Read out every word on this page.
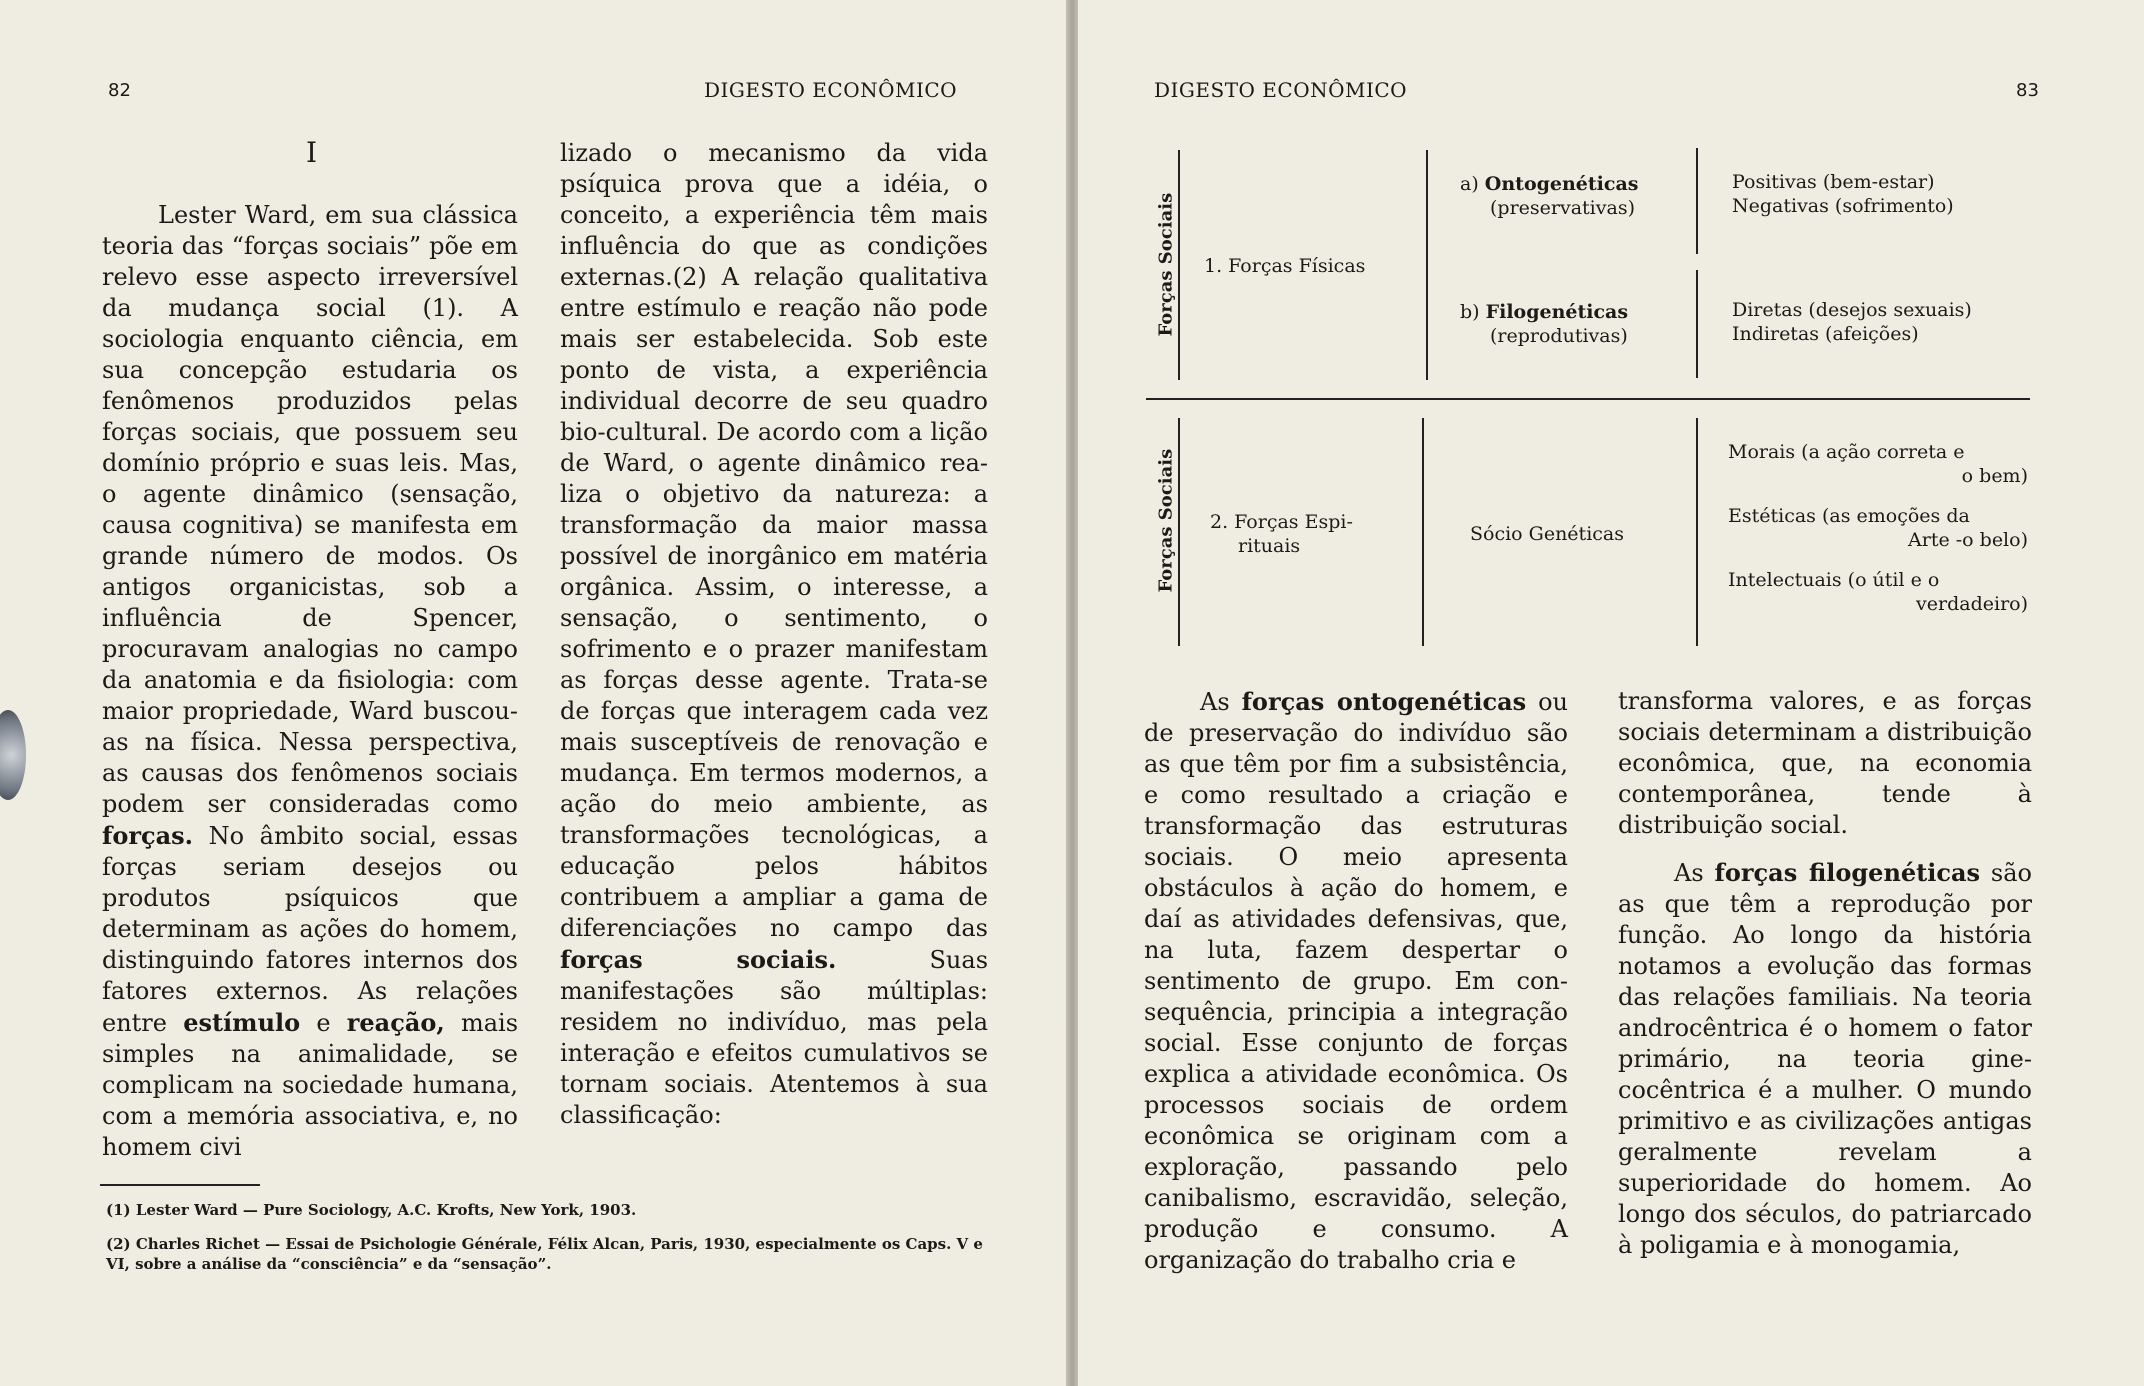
82	DIGESTO ECONÔMICO
I

Lester Ward, em sua clássica teoria das “forças sociais” põe em relevo esse aspecto irreversível da mudança social (1). A sociologia enquanto ciência, em sua concepção estudaria os fenômenos produzidos pelas forças sociais, que possuem seu domínio próprio e suas leis. Mas, o agente dinâmico (sensação, causa cognitiva) se manifesta em grande número de modos. Os antigos organicistas, sob a influência de Spencer, procuravam analogias no campo da anatomia e da fisiologia: com maior propriedade, Ward buscou-as na física. Nessa perspectiva, as causas dos fenômenos sociais podem ser consideradas como forças. No âmbito social, essas forças seriam desejos ou produtos psíquicos que determinam as ações do homem, distinguindo fatores internos dos fatores externos. As relações entre estímulo e reação, mais simples na animalidade, se complicam na sociedade humana, com a memória associativa, e, no homem civi

lizado o mecanismo da vida psíquica prova que a idéia, o conceito, a experiência têm mais influência do que as condições externas.(2) A relação qualitativa entre estímulo e reação não pode mais ser estabelecida. Sob este ponto de vista, a experiência individual decorre de seu quadro bio-cultural. De acordo com a lição de Ward, o agente dinâmico realiza o objetivo da natureza: a transformação da maior massa possível de inorgânico em matéria orgânica. Assim, o interesse, a sensação, o sentimento, o sofrimento e o prazer manifestam as forças desse agente. Trata-se de forças que interagem cada vez mais susceptíveis de renovação e mudança. Em termos modernos, a ação do meio ambiente, as transformações tecnológicas, a educação pelos hábitos contribuem a ampliar a gama de diferenciações no campo das forças sociais. Suas manifestações são múltiplas: residem no indivíduo, mas pela interação e efeitos cumulativos se tornam sociais. Atentemos à sua classificação:

(1) Lester Ward — Pure Sociology, A.C. Krofts, New York, 1903.
(2) Charles Richet — Essai de Psichologie Générale, Félix Alcan, Paris, 1930, especialmente os Caps. V e VI, sobre a análise da “consciência” e da “sensação”.
DIGESTO ECONÔMICO	83
Forças Sociais 1. Forças Físicas
a) Ontogenéticas
(preservativas)
b) Filogenéticas
(reprodutivas)
Positivas (bem-estar)
Negativas (sofrimento)
Diretas (desejos sexuais)
Indiretas (afeições)
Forças Sociais 2. Forças Espi-
rituais
Sócio Genéticas
Morais (a ação correta e
o bem)
Estéticas (as emoções da
Arte -o belo)
Intelectuais (o útil e o
verdadeiro)

As forças ontogenéticas ou de preservação do indivíduo são as que têm por fim a subsistência, e como resultado a criação e transformação das estruturas sociais. O meio apresenta obstáculos à ação do homem, e daí as atividades defensivas, que, na luta, fazem despertar o sentimento de grupo. Em consequência, principia a integração social. Esse conjunto de forças explica a atividade econômica. Os processos sociais de ordem econômica se originam com a exploração, passando pelo canibalismo, escravidão, seleção, produção e consumo. A organização do trabalho cria e

transforma valores, e as forças sociais determinam a distribuição econômica, que, na economia contemporânea, tende à distribuição social.

As forças filogenéticas são as que têm a reprodução por função. Ao longo da história notamos a evolução das formas das relações familiais. Na teoria androcêntrica é o homem o fator primário, na teoria ginecocêntrica é a mulher. O mundo primitivo e as civilizações antigas geralmente revelam a superioridade do homem. Ao longo dos séculos, do patriarcado à poligamia e à monogamia,
